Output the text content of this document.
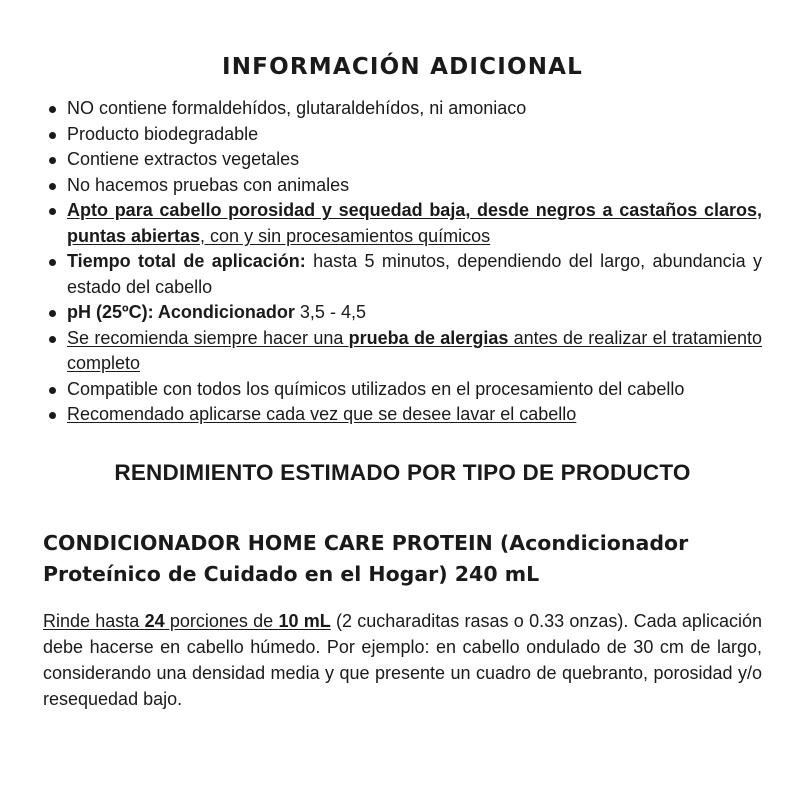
INFORMACIÓN ADICIONAL
NO contiene formaldehídos, glutaraldehídos, ni amoniaco
Producto biodegradable
Contiene extractos vegetales
No hacemos pruebas con animales
Apto para cabello porosidad y sequedad baja, desde negros a castaños claros, puntas abiertas, con y sin procesamientos químicos
Tiempo total de aplicación: hasta 5 minutos, dependiendo del largo, abundancia y estado del cabello
pH (25ºC): Acondicionador 3,5 - 4,5
Se recomienda siempre hacer una prueba de alergias antes de realizar el tratamiento completo
Compatible con todos los químicos utilizados en el procesamiento del cabello
Recomendado aplicarse cada vez que se desee lavar el cabello
RENDIMIENTO ESTIMADO POR TIPO DE PRODUCTO
CONDICIONADOR HOME CARE PROTEIN (Acondicionador Proteínico de Cuidado en el Hogar) 240 mL

Rinde hasta 24 porciones de 10 mL (2 cucharaditas rasas o 0.33 onzas). Cada aplicación debe hacerse en cabello húmedo. Por ejemplo: en cabello ondulado de 30 cm de largo, considerando una densidad media y que presente un cuadro de quebranto, porosidad y/o resequedad bajo.
